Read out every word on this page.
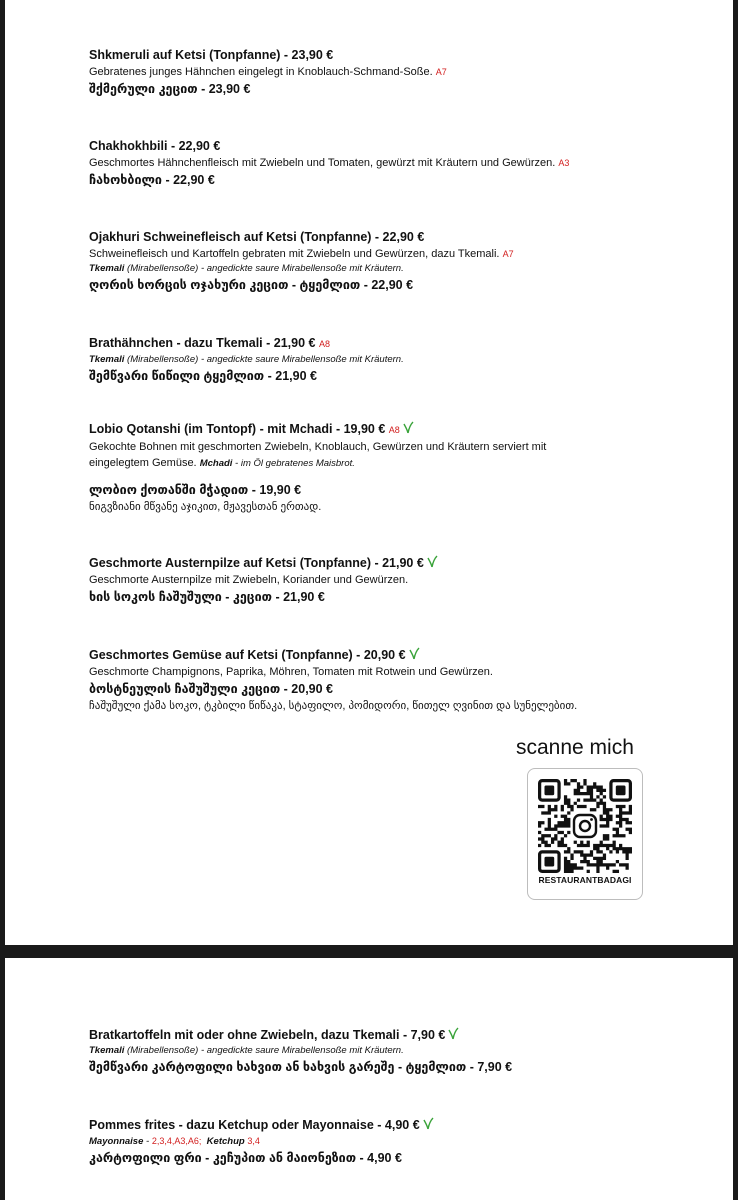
Shkmeruli auf Ketsi (Tonpfanne) - 23,90 €
Gebratenes junges Hähnchen eingelegt in Knoblauch-Schmand-Soße. A7
შქმერული კეცით - 23,90 €
Chakhokhbili - 22,90 €
Geschmortes Hähnchenfleisch mit Zwiebeln und Tomaten, gewürzt mit Kräutern und Gewürzen. A3
ჩახოხბილი - 22,90 €
Ojakhuri Schweinefleisch auf Ketsi (Tonpfanne) - 22,90 €
Schweinefleisch und Kartoffeln gebraten mit Zwiebeln und Gewürzen, dazu Tkemali. A7
Tkemali (Mirabellensoße) - angedickte saure Mirabellensoße mit Kräutern.
ღორის ხორცის ოჯახური კეცით - ტყემლით - 22,90 €
Brathähnchen - dazu Tkemali - 21,90 € A8
Tkemali (Mirabellensoße) - angedickte saure Mirabellensoße mit Kräutern.
შემწვარი წიწილი ტყემლით - 21,90 €
Lobio Qotanshi (im Tontopf) - mit Mchadi - 19,90 € A8
Gekochte Bohnen mit geschmorten Zwiebeln, Knoblauch, Gewürzen und Kräutern serviert mit eingelegtem Gemüse. Mchadi - im Öl gebratenes Maisbrot.
ლობიო ქოთანში მჭადით - 19,90 €
ნიგვზიანი მწვანე აჯიკით, მჟავესთან ერთად.
Geschmorte Austernpilze auf Ketsi (Tonpfanne) - 21,90 €
Geschmorte Austernpilze mit Zwiebeln, Koriander und Gewürzen.
ხის სოკოს ჩაშუშული - კეცით - 21,90 €
Geschmortes Gemüse auf Ketsi (Tonpfanne) - 20,90 €
Geschmorte Champignons, Paprika, Möhren, Tomaten mit Rotwein und Gewürzen.
ბოსტნეულის ჩაშუშული კეცით - 20,90 €
ჩაშუშული ქამა სოკო, ტკბილი წიწაკა, სტაფილო, პომიდორი, წითელ ღვინით და სუნელებით.
scanne mich
RESTAURANTBADAGI
Bratkartoffeln mit oder ohne Zwiebeln, dazu Tkemali - 7,90 €
Tkemali (Mirabellensoße) - angedickte saure Mirabellensoße mit Kräutern.
შემწვარი კარტოფილი ხახვით ან ხახვის გარეშე - ტყემლით - 7,90 €
Pommes frites - dazu Ketchup oder Mayonnaise - 4,90 €
Mayonnaise - 2,3,4,A3,A6; Ketchup 3,4
კარტოფილი ფრი - კეჩუპით ან მაიონეზით - 4,90 €
